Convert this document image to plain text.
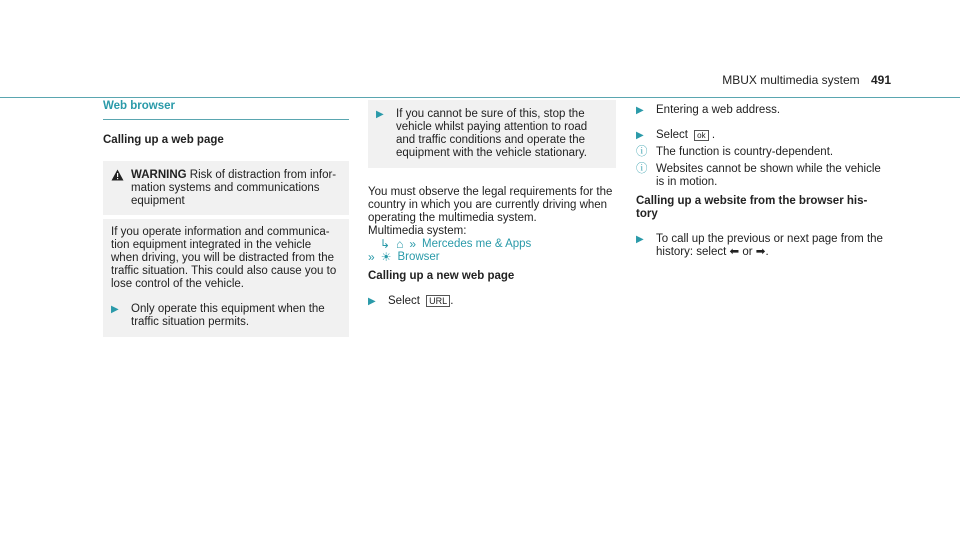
MBUX multimedia system 491
Web browser
Calling up a web page
WARNING Risk of distraction from infor-mation systems and communications equipment
If you operate information and communica-tion equipment integrated in the vehicle when driving, you will be distracted from the traffic situation. This could also cause you to lose control of the vehicle.
▶	Only operate this equipment when the traffic situation permits.
▶	If you cannot be sure of this, stop the vehicle whilst paying attention to road and traffic conditions and operate the equipment with the vehicle stationary.
You must observe the legal requirements for the country in which you are currently driving when operating the multimedia system.
Multimedia system:
↳ ⌂ » Mercedes me & Apps
» ☀ Browser
Calling up a new web page
▶	Select URL .
▶	Entering a web address.
▶	Select ok .
ⓘ The function is country-dependent.
ⓘ Websites cannot be shown while the vehicle is in motion.
Calling up a website from the browser his-tory
▶	To call up the previous or next page from the history: select ⬅ or ➡.
